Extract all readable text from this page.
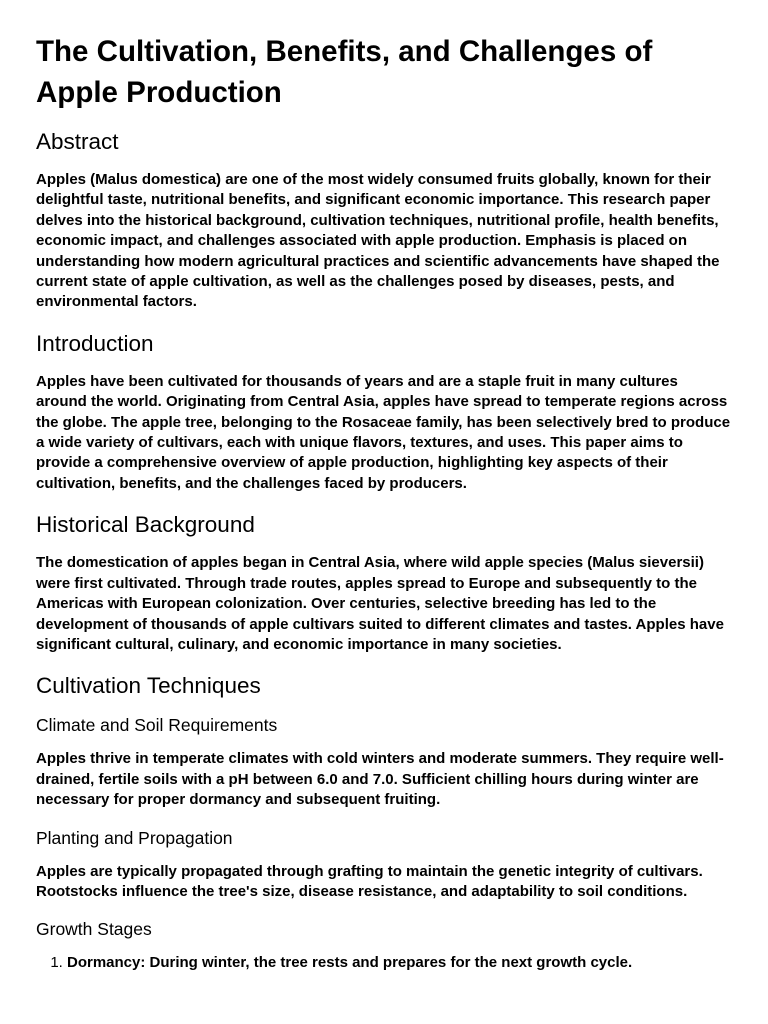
The Cultivation, Benefits, and Challenges of Apple Production
Abstract

Apples (Malus domestica) are one of the most widely consumed fruits globally, known for their delightful taste, nutritional benefits, and significant economic importance. This research paper delves into the historical background, cultivation techniques, nutritional profile, health benefits, economic impact, and challenges associated with apple production. Emphasis is placed on understanding how modern agricultural practices and scientific advancements have shaped the current state of apple cultivation, as well as the challenges posed by diseases, pests, and environmental factors.

Introduction

Apples have been cultivated for thousands of years and are a staple fruit in many cultures around the world. Originating from Central Asia, apples have spread to temperate regions across the globe. The apple tree, belonging to the Rosaceae family, has been selectively bred to produce a wide variety of cultivars, each with unique flavors, textures, and uses. This paper aims to provide a comprehensive overview of apple production, highlighting key aspects of their cultivation, benefits, and the challenges faced by producers.

Historical Background

The domestication of apples began in Central Asia, where wild apple species (Malus sieversii) were first cultivated. Through trade routes, apples spread to Europe and subsequently to the Americas with European colonization. Over centuries, selective breeding has led to the development of thousands of apple cultivars suited to different climates and tastes. Apples have significant cultural, culinary, and economic importance in many societies.

Cultivation Techniques
Climate and Soil Requirements

Apples thrive in temperate climates with cold winters and moderate summers. They require well-drained, fertile soils with a pH between 6.0 and 7.0. Sufficient chilling hours during winter are necessary for proper dormancy and subsequent fruiting.

Planting and Propagation

Apples are typically propagated through grafting to maintain the genetic integrity of cultivars. Rootstocks influence the tree's size, disease resistance, and adaptability to soil conditions.

Growth Stages
1. Dormancy: During winter, the tree rests and prepares for the next growth cycle.
